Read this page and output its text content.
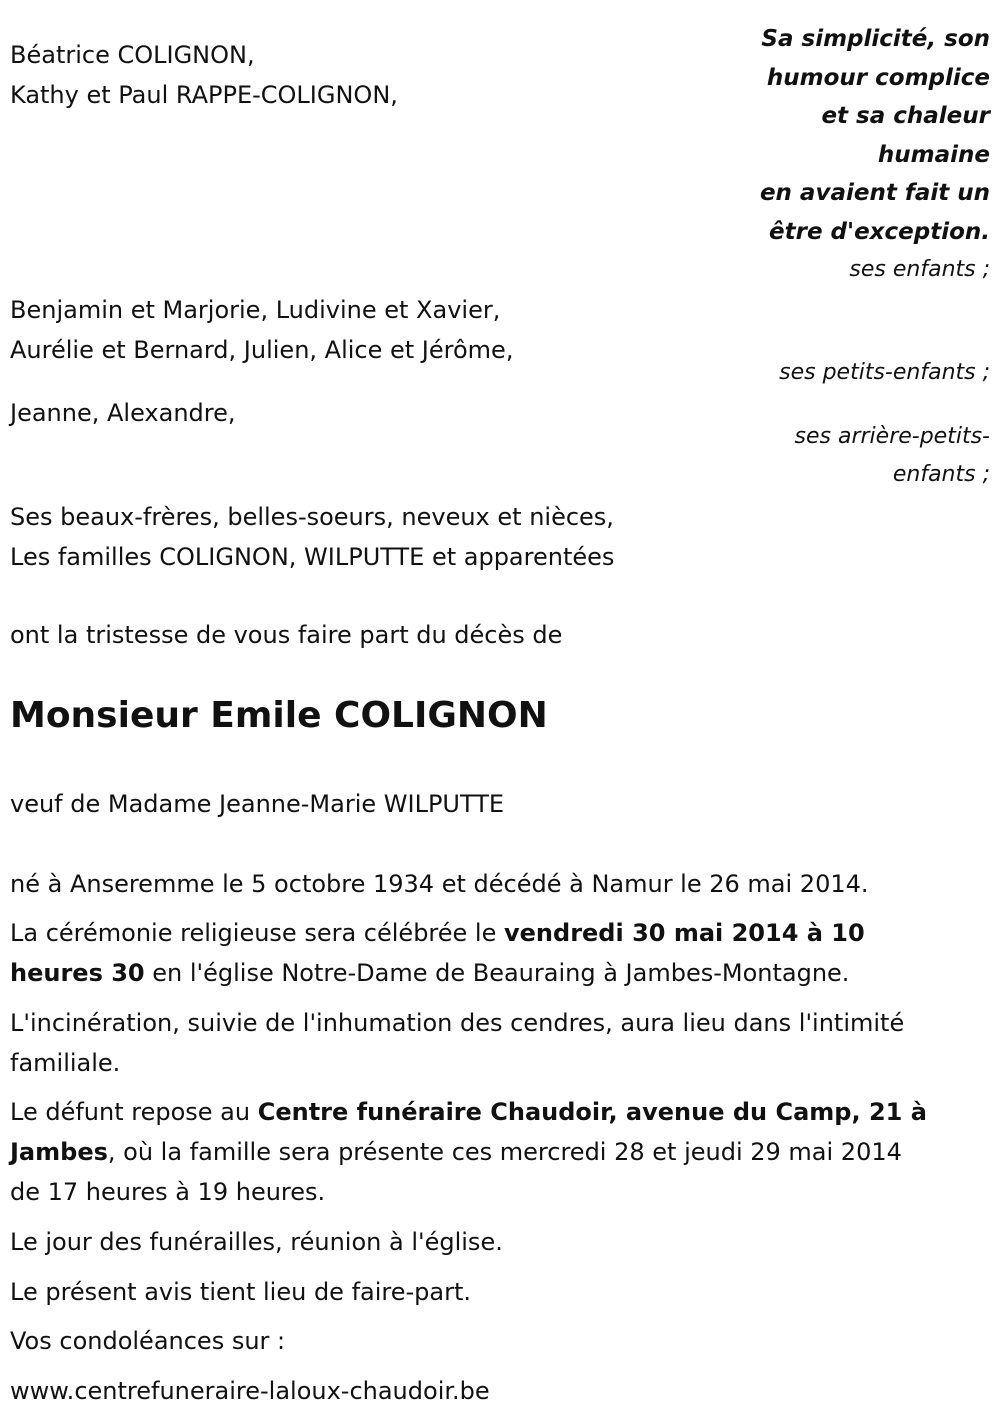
Béatrice COLIGNON,
Kathy et Paul RAPPE-COLIGNON,
Sa simplicité, son
humour complice
et sa chaleur
humaine
en avaient fait un
être d'exception.
ses enfants ;
ses petits-enfants ;
ses arrière-petits-
enfants ;
Benjamin et Marjorie, Ludivine et Xavier,
Aurélie et Bernard, Julien, Alice et Jérôme,
Jeanne, Alexandre,
Ses beaux-frères, belles-soeurs, neveux et nièces,
Les familles COLIGNON, WILPUTTE et apparentées
ont la tristesse de vous faire part du décès de
Monsieur Emile COLIGNON
veuf de Madame Jeanne-Marie WILPUTTE
né à Anseremme le 5 octobre 1934 et décédé à Namur le 26 mai 2014.
La cérémonie religieuse sera célébrée le vendredi 30 mai 2014 à 10
heures 30 en l'église Notre-Dame de Beauraing à Jambes-Montagne.
L'incinération, suivie de l'inhumation des cendres, aura lieu dans l'intimité
familiale.
Le défunt repose au Centre funéraire Chaudoir, avenue du Camp, 21 à
Jambes, où la famille sera présente ces mercredi 28 et jeudi 29 mai 2014
de 17 heures à 19 heures.
Le jour des funérailles, réunion à l'église.
Le présent avis tient lieu de faire-part.
Vos condoléances sur :
www.centrefuneraire-laloux-chaudoir.be
